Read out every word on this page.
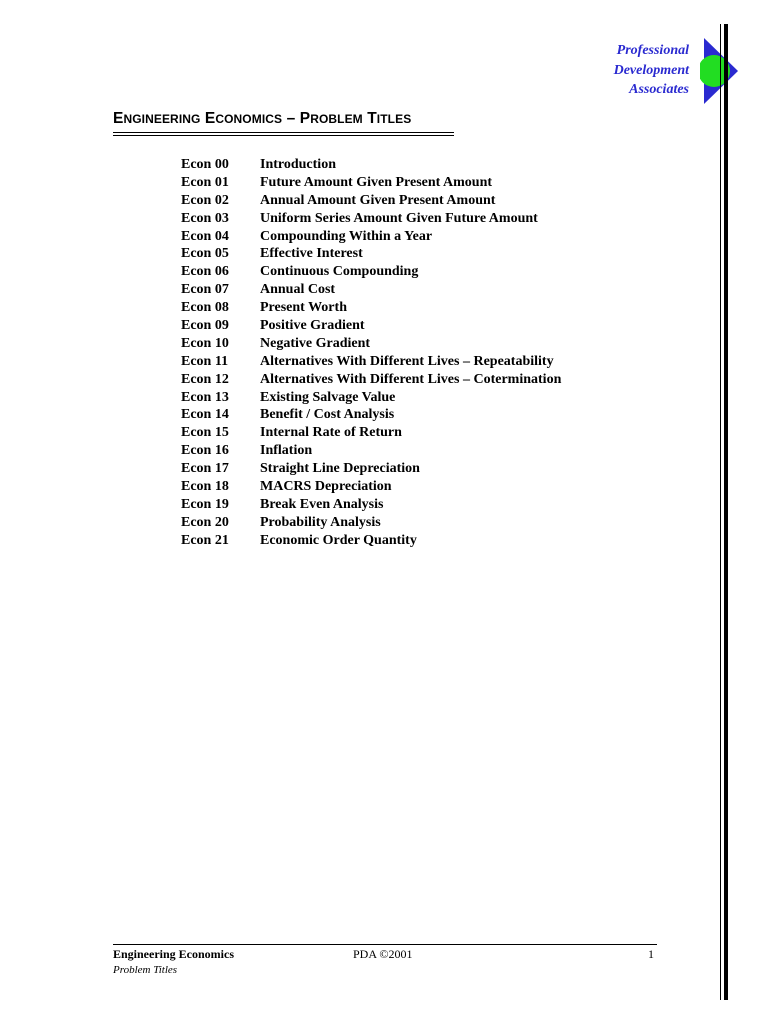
Professional
Development
Associates
ENGINEERING ECONOMICS – PROBLEM TITLES
Econ 00 Introduction
Econ 01 Future Amount Given Present Amount
Econ 02 Annual Amount Given Present Amount
Econ 03 Uniform Series Amount Given Future Amount
Econ 04 Compounding Within a Year
Econ 05 Effective Interest
Econ 06 Continuous Compounding
Econ 07 Annual Cost
Econ 08 Present Worth
Econ 09 Positive Gradient
Econ 10 Negative Gradient
Econ 11 Alternatives With Different Lives – Repeatability
Econ 12 Alternatives With Different Lives – Cotermination
Econ 13 Existing Salvage Value
Econ 14 Benefit / Cost Analysis
Econ 15 Internal Rate of Return
Econ 16 Inflation
Econ 17 Straight Line Depreciation
Econ 18 MACRS Depreciation
Econ 19 Break Even Analysis
Econ 20 Probability Analysis
Econ 21 Economic Order Quantity
Engineering Economics
Problem Titles
PDA ©2001	1
